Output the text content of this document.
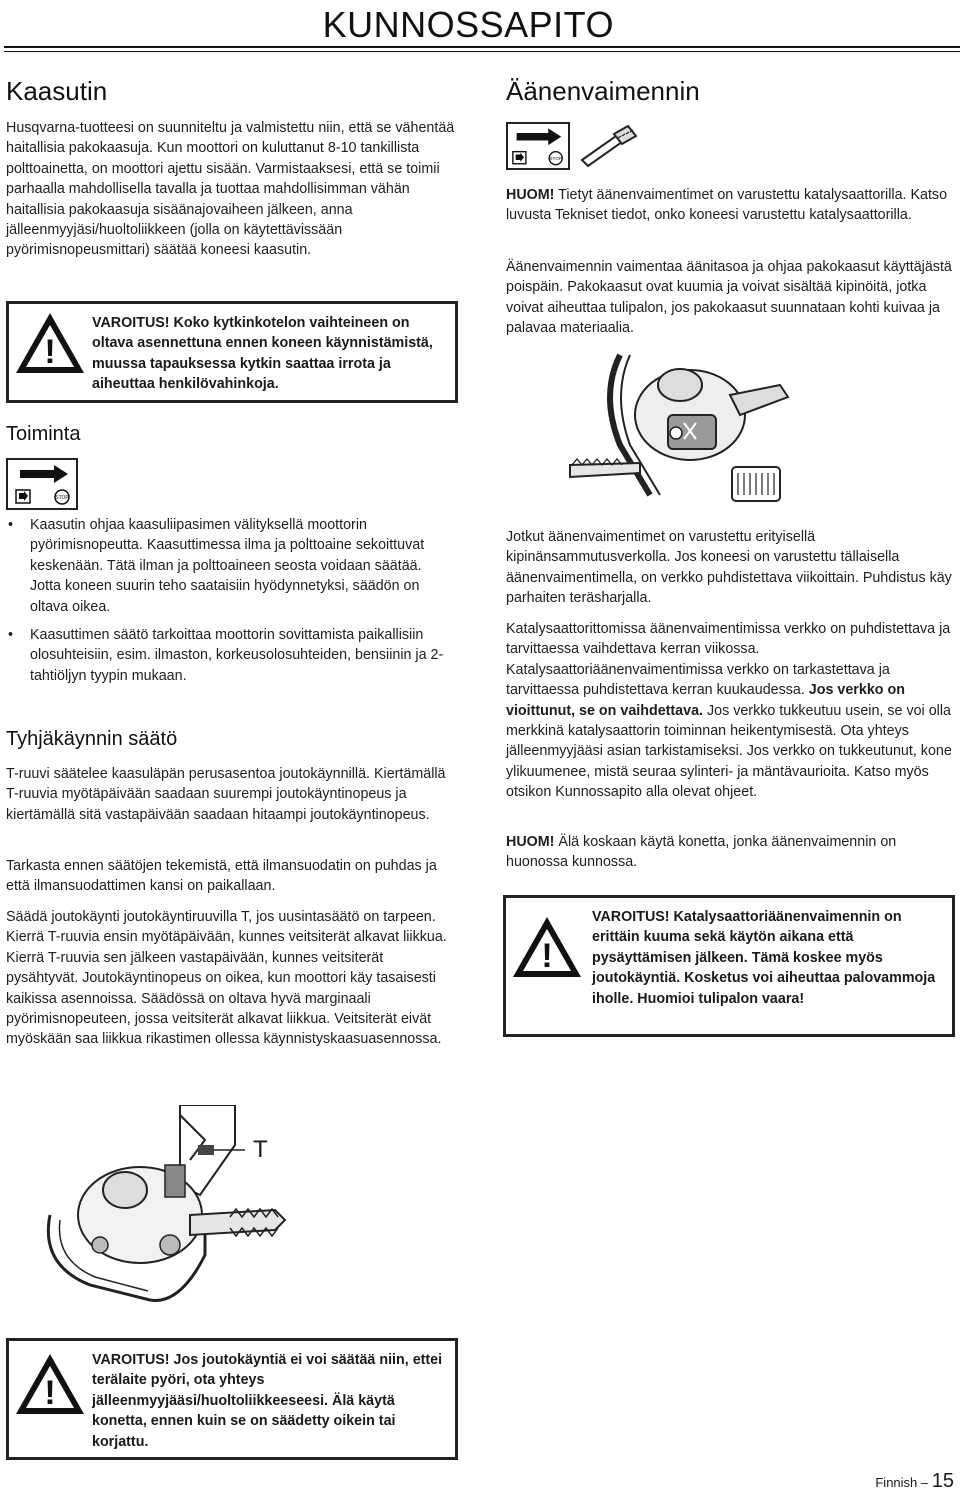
KUNNOSSAPITO
Kaasutin

Husqvarna-tuotteesi on suunniteltu ja valmistettu niin, että se vähentää haitallisia pakokaasuja. Kun moottori on kuluttanut 8-10 tankillista polttoainetta, on moottori ajettu sisään. Varmistaaksesi, että se toimii parhaalla mahdollisella tavalla ja tuottaa mahdollisimman vähän haitallisia pakokaasuja sisäänajovaiheen jälkeen, anna jälleenmyyjäsi/huoltoliikkeen (jolla on käytettävissään pyörimisnopeusmittari) säätää koneesi kaasutin.

!

VAROITUS! Koko kytkinkotelon vaihteineen on oltava asennettuna ennen koneen käynnistämistä, muussa tapauksessa kytkin saattaa irrota ja aiheuttaa henkilövahinkoja.

Toiminta
STOP
• Kaasutin ohjaa kaasuliipasimen välityksellä moottorin pyörimisnopeutta. Kaasuttimessa ilma ja polttoaine sekoittuvat keskenään. Tätä ilman ja polttoaineen seosta voidaan säätää. Jotta koneen suurin teho saataisiin hyödynnetyksi, säädön on oltava oikea.
• Kaasuttimen säätö tarkoittaa moottorin sovittamista paikallisiin olosuhteisiin, esim. ilmaston, korkeusolosuhteiden, bensiinin ja 2-tahtiöljyn tyypin mukaan.
Tyhjäkäynnin säätö

T-ruuvi säätelee kaasuläpän perusasentoa joutokäynnillä. Kiertämällä T-ruuvia myötäpäivään saadaan suurempi joutokäyntinopeus ja kiertämällä sitä vastapäivään saadaan hitaampi joutokäyntinopeus.

Tarkasta ennen säätöjen tekemistä, että ilmansuodatin on puhdas ja että ilmansuodattimen kansi on paikallaan.

Säädä joutokäynti joutokäyntiruuvilla T, jos uusintasäätö on tarpeen. Kierrä T-ruuvia ensin myötäpäivään, kunnes veitsiterät alkavat liikkua. Kierrä T-ruuvia sen jälkeen vastapäivään, kunnes veitsiterät pysähtyvät. Joutokäyntinopeus on oikea, kun moottori käy tasaisesti kaikissa asennoissa. Säädössä on oltava hyvä marginaali pyörimisnopeuteen, jossa veitsiterät alkavat liikkua. Veitsiterät eivät myöskään saa liikkua rikastimen ollessa käynnistyskaasuasennossa.

T
!

VAROITUS! Jos joutokäyntiä ei voi säätää niin, ettei terälaite pyöri, ota yhteys jälleenmyyjääsi/huoltoliikkeeseesi. Älä käytä konetta, ennen kuin se on säädetty oikein tai korjattu.

Äänenvaimennin
STOP

HUOM! Tietyt äänenvaimentimet on varustettu katalysaattorilla. Katso luvusta Tekniset tiedot, onko koneesi varustettu katalysaattorilla.

Äänenvaimennin vaimentaa äänitasoa ja ohjaa pakokaasut käyttäjästä poispäin. Pakokaasut ovat kuumia ja voivat sisältää kipinöitä, jotka voivat aiheuttaa tulipalon, jos pakokaasut suunnataan kohti kuivaa ja palavaa materiaalia.

Jotkut äänenvaimentimet on varustettu erityisellä kipinänsammutusverkolla. Jos koneesi on varustettu tällaisella äänenvaimentimella, on verkko puhdistettava viikoittain. Puhdistus käy parhaiten teräsharjalla.

Katalysaattorittomissa äänenvaimentimissa verkko on puhdistettava ja tarvittaessa vaihdettava kerran viikossa. Katalysaattoriäänenvaimentimissa verkko on tarkastettava ja tarvittaessa puhdistettava kerran kuukaudessa. Jos verkko on vioittunut, se on vaihdettava. Jos verkko tukkeutuu usein, se voi olla merkkinä katalysaattorin toiminnan heikentymisestä. Ota yhteys jälleenmyyjääsi asian tarkistamiseksi. Jos verkko on tukkeutunut, kone ylikuumenee, mistä seuraa sylinteri- ja mäntävaurioita. Katso myös otsikon Kunnossapito alla olevat ohjeet.

HUOM! Älä koskaan käytä konetta, jonka äänenvaimennin on huonossa kunnossa.

!

VAROITUS! Katalysaattoriäänenvaimennin on erittäin kuuma sekä käytön aikana että pysäyttämisen jälkeen. Tämä koskee myös joutokäyntiä. Kosketus voi aiheuttaa palovammoja iholle. Huomioi tulipalon vaara!

Finnish – 15
